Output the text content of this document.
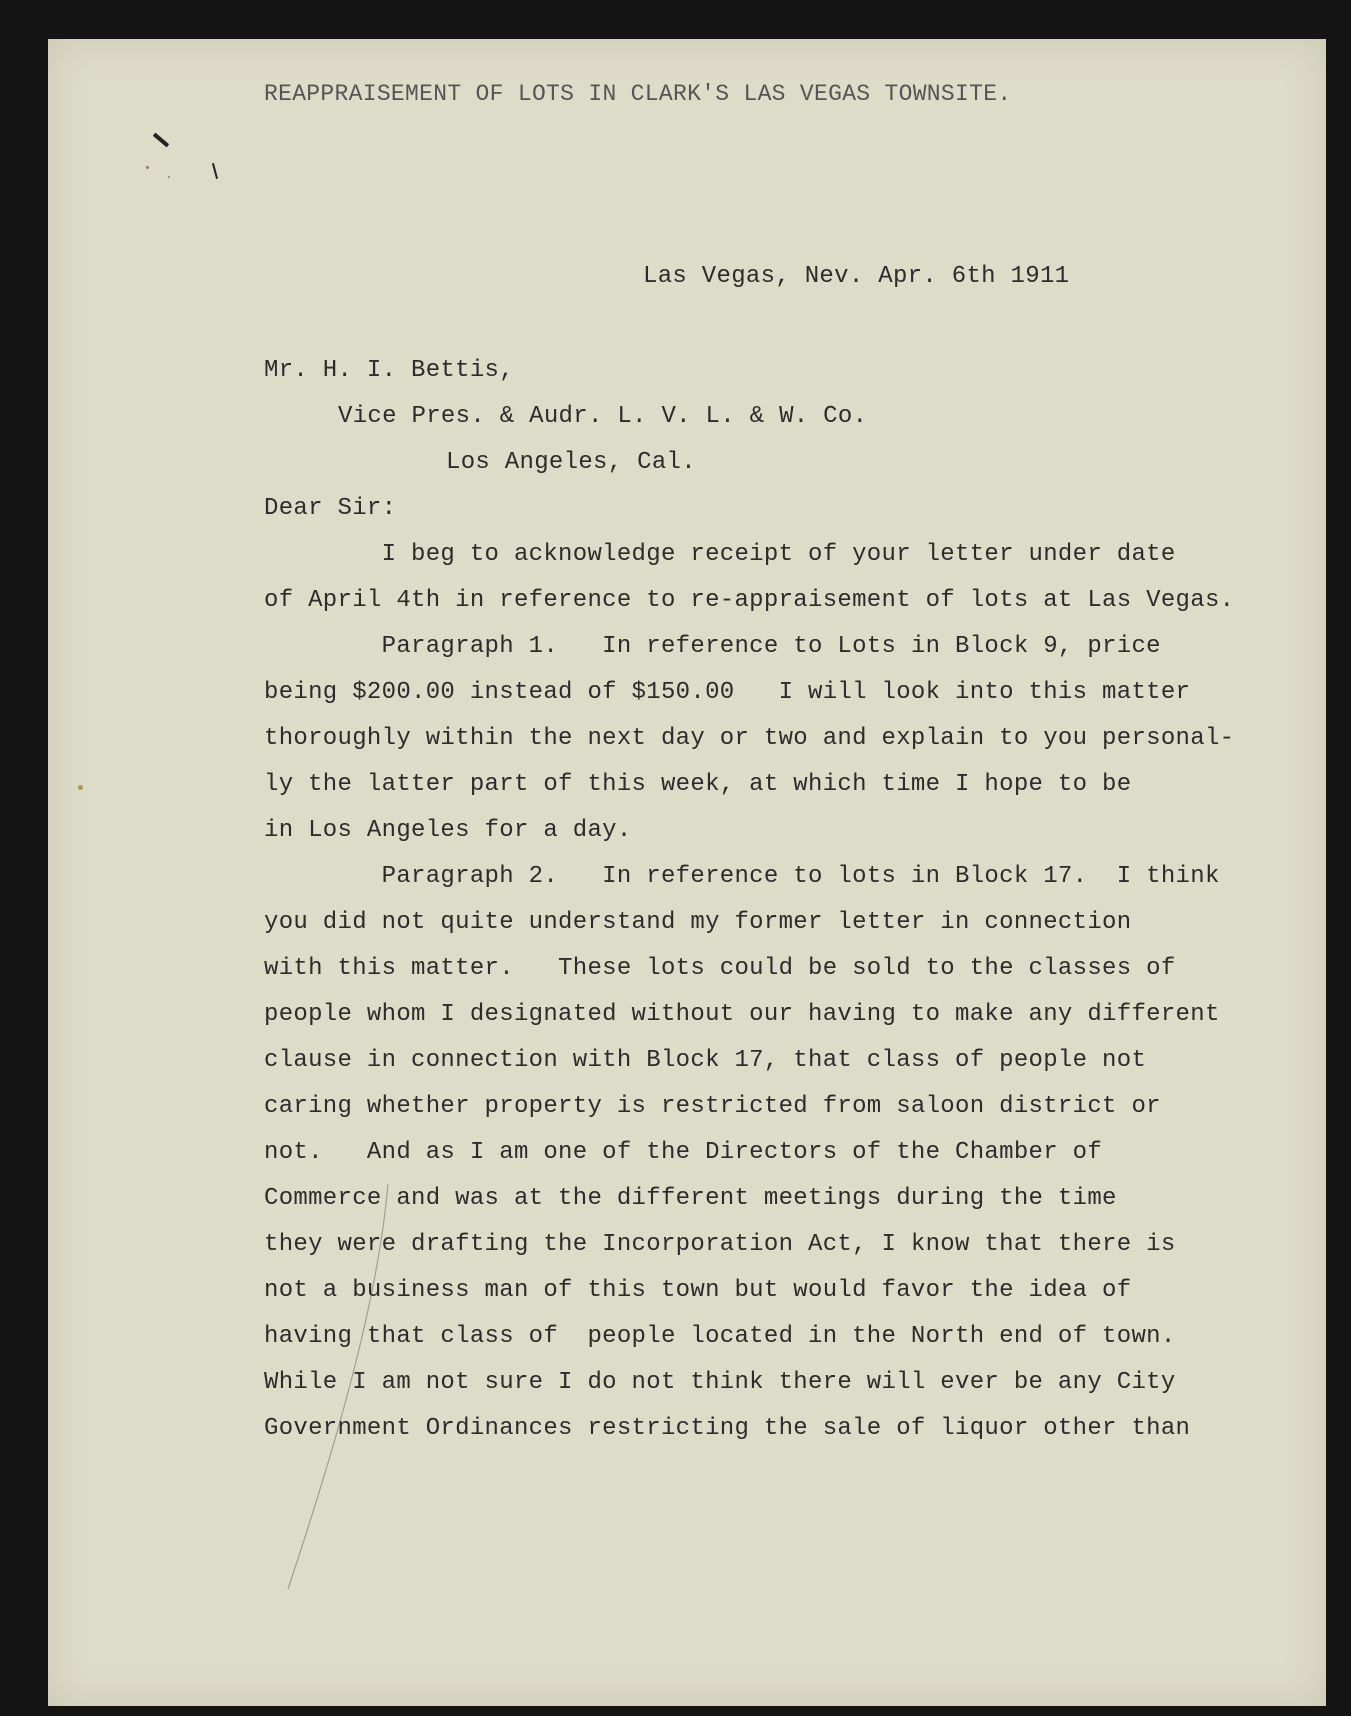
REAPPRAISEMENT OF LOTS IN CLARK'S LAS VEGAS TOWNSITE.
Las Vegas, Nev. Apr. 6th 1911
Mr. H. I. Bettis,
Vice Pres. & Audr. L. V. L. & W. Co.
Los Angeles, Cal.
Dear Sir:
I beg to acknowledge receipt of your letter under date
of April 4th in reference to re-appraisement of lots at Las Vegas.
Paragraph 1.   In reference to Lots in Block 9, price
being $200.00 instead of $150.00   I will look into this matter
thoroughly within the next day or two and explain to you personal-
ly the latter part of this week, at which time I hope to be
in Los Angeles for a day.
Paragraph 2.   In reference to lots in Block 17.  I think
you did not quite understand my former letter in connection
with this matter.   These lots could be sold to the classes of
people whom I designated without our having to make any different
clause in connection with Block 17, that class of people not
caring whether property is restricted from saloon district or
not.   And as I am one of the Directors of the Chamber of
Commerce and was at the different meetings during the time
they were drafting the Incorporation Act, I know that there is
not a business man of this town but would favor the idea of
having that class of  people located in the North end of town.
While I am not sure I do not think there will ever be any City
Government Ordinances restricting the sale of liquor other than
